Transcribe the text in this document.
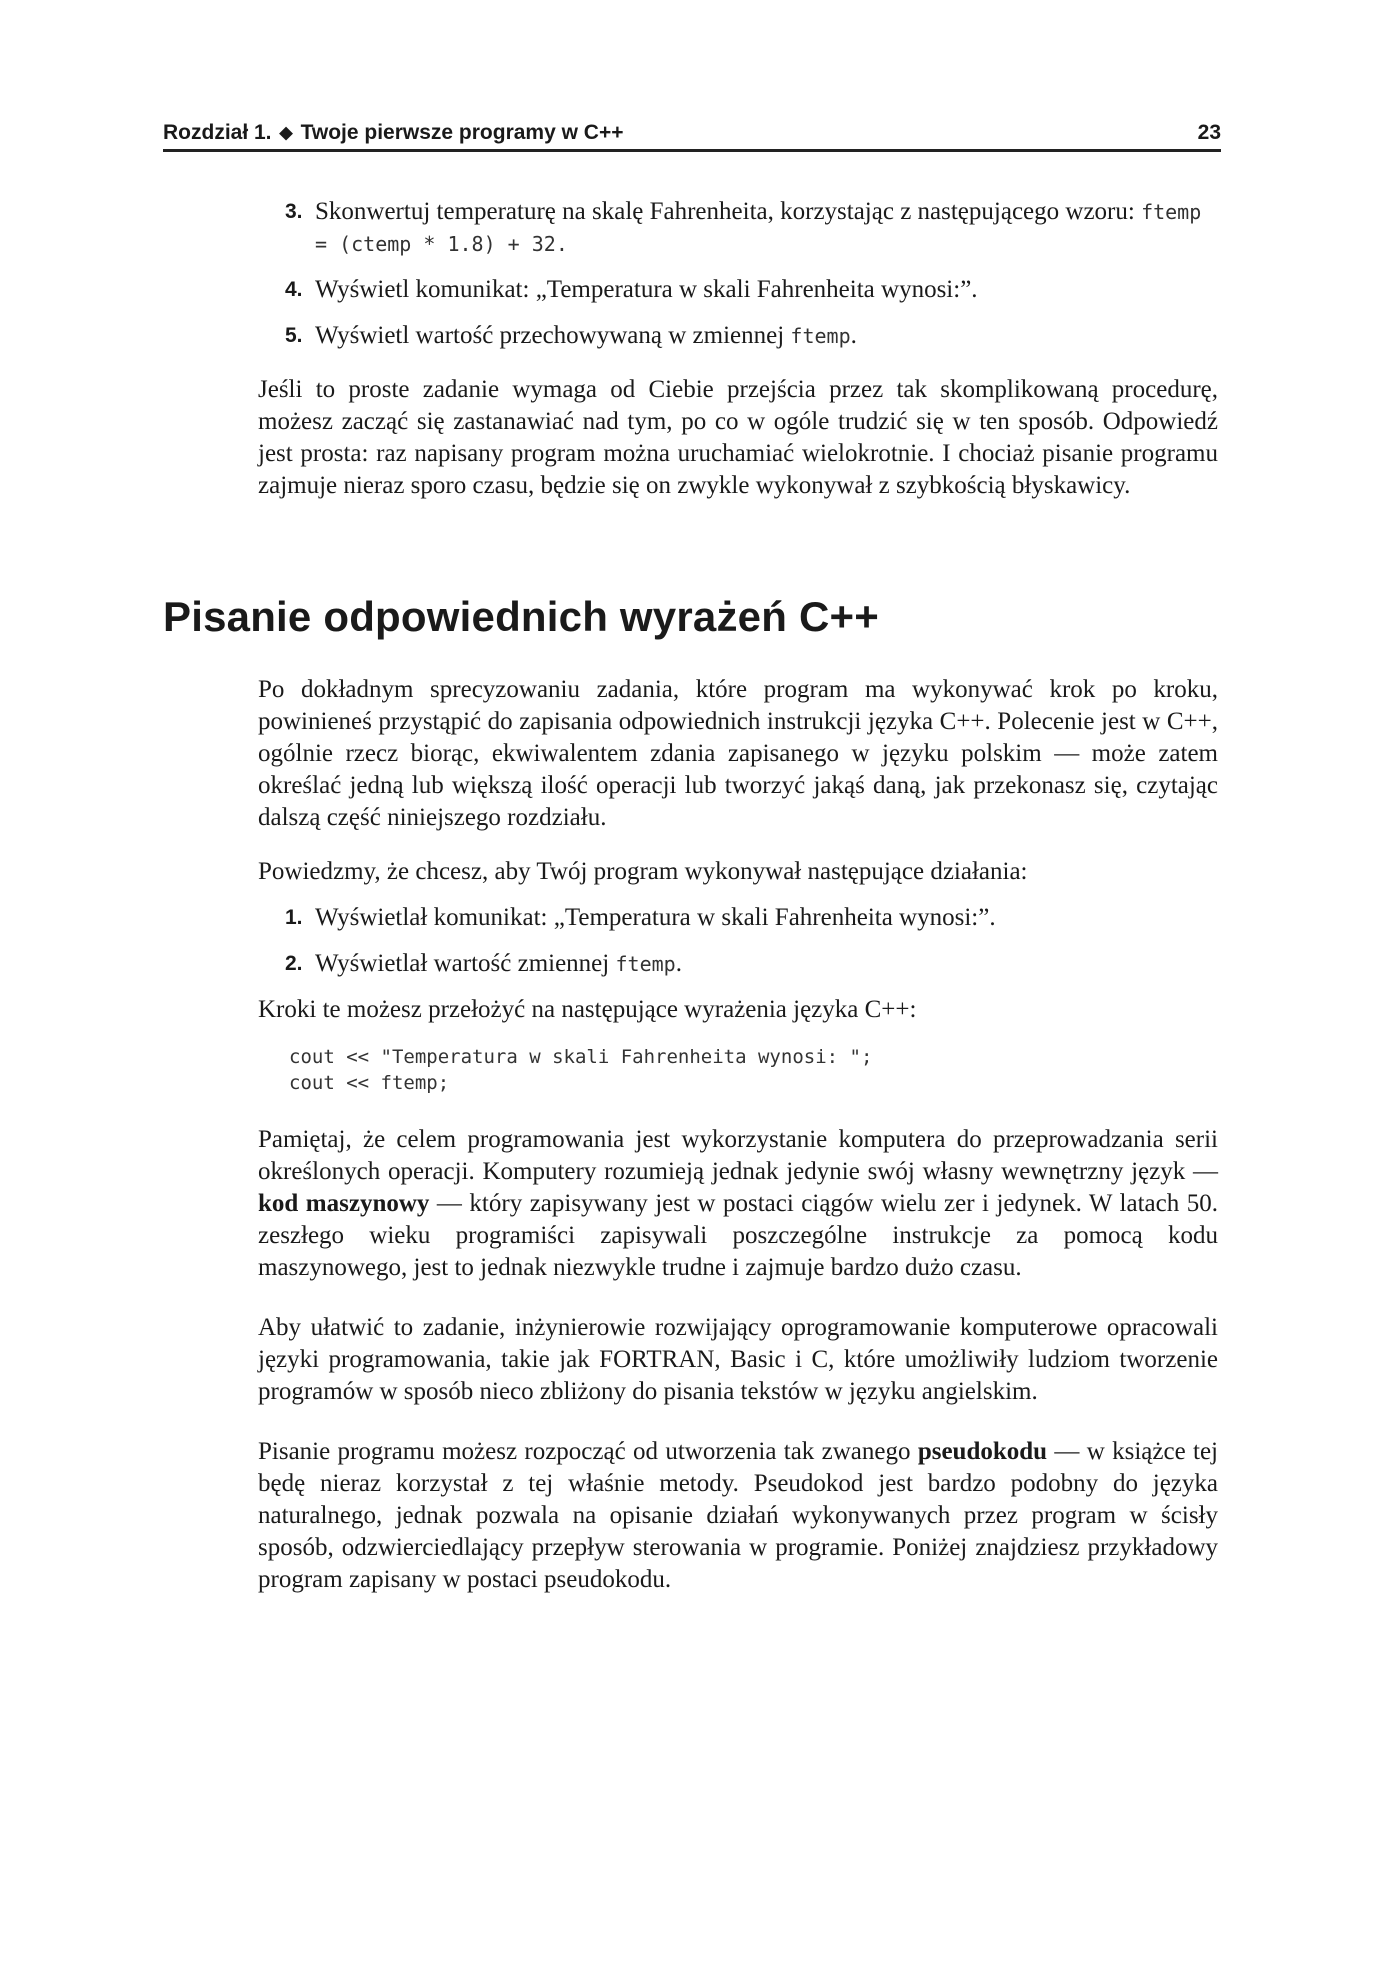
Rozdział 1. ◆ Twoje pierwsze programy w C++	23
3. Skonwertuj temperaturę na skalę Fahrenheita, korzystając z następującego wzoru: ftemp = (ctemp * 1.8) + 32.
4. Wyświetl komunikat: „Temperatura w skali Fahrenheita wynosi:”.
5. Wyświetl wartość przechowywaną w zmiennej ftemp.

Jeśli to proste zadanie wymaga od Ciebie przejścia przez tak skomplikowaną procedurę, możesz zacząć się zastanawiać nad tym, po co w ogóle trudzić się w ten sposób. Odpowiedź jest prosta: raz napisany program można uruchamiać wielokrotnie. I chociaż pisanie programu zajmuje nieraz sporo czasu, będzie się on zwykle wykonywał z szybkością błyskawicy.

Pisanie odpowiednich wyrażeń C++

Po dokładnym sprecyzowaniu zadania, które program ma wykonywać krok po kroku, powinieneś przystąpić do zapisania odpowiednich instrukcji języka C++. Polecenie jest w C++, ogólnie rzecz biorąc, ekwiwalentem zdania zapisanego w języku polskim — może zatem określać jedną lub większą ilość operacji lub tworzyć jakąś daną, jak przekonasz się, czytając dalszą część niniejszego rozdziału.

Powiedzmy, że chcesz, aby Twój program wykonywał następujące działania:

1. Wyświetlał komunikat: „Temperatura w skali Fahrenheita wynosi:”.
2. Wyświetlał wartość zmiennej ftemp.

Kroki te możesz przełożyć na następujące wyrażenia języka C++:

cout << "Temperatura w skali Fahrenheita wynosi: ";
cout << ftemp;

Pamiętaj, że celem programowania jest wykorzystanie komputera do przeprowadzania serii określonych operacji. Komputery rozumieją jednak jedynie swój własny wewnętrzny język — kod maszynowy — który zapisywany jest w postaci ciągów wielu zer i jedynek. W latach 50. zeszłego wieku programiści zapisywali poszczególne instrukcje za pomocą kodu maszynowego, jest to jednak niezwykle trudne i zajmuje bardzo dużo czasu.

Aby ułatwić to zadanie, inżynierowie rozwijający oprogramowanie komputerowe opracowali języki programowania, takie jak FORTRAN, Basic i C, które umożliwiły ludziom tworzenie programów w sposób nieco zbliżony do pisania tekstów w języku angielskim.

Pisanie programu możesz rozpocząć od utworzenia tak zwanego pseudokodu — w książce tej będę nieraz korzystał z tej właśnie metody. Pseudokod jest bardzo podobny do języka naturalnego, jednak pozwala na opisanie działań wykonywanych przez program w ścisły sposób, odzwierciedlający przepływ sterowania w programie. Poniżej znajdziesz przykładowy program zapisany w postaci pseudokodu.
